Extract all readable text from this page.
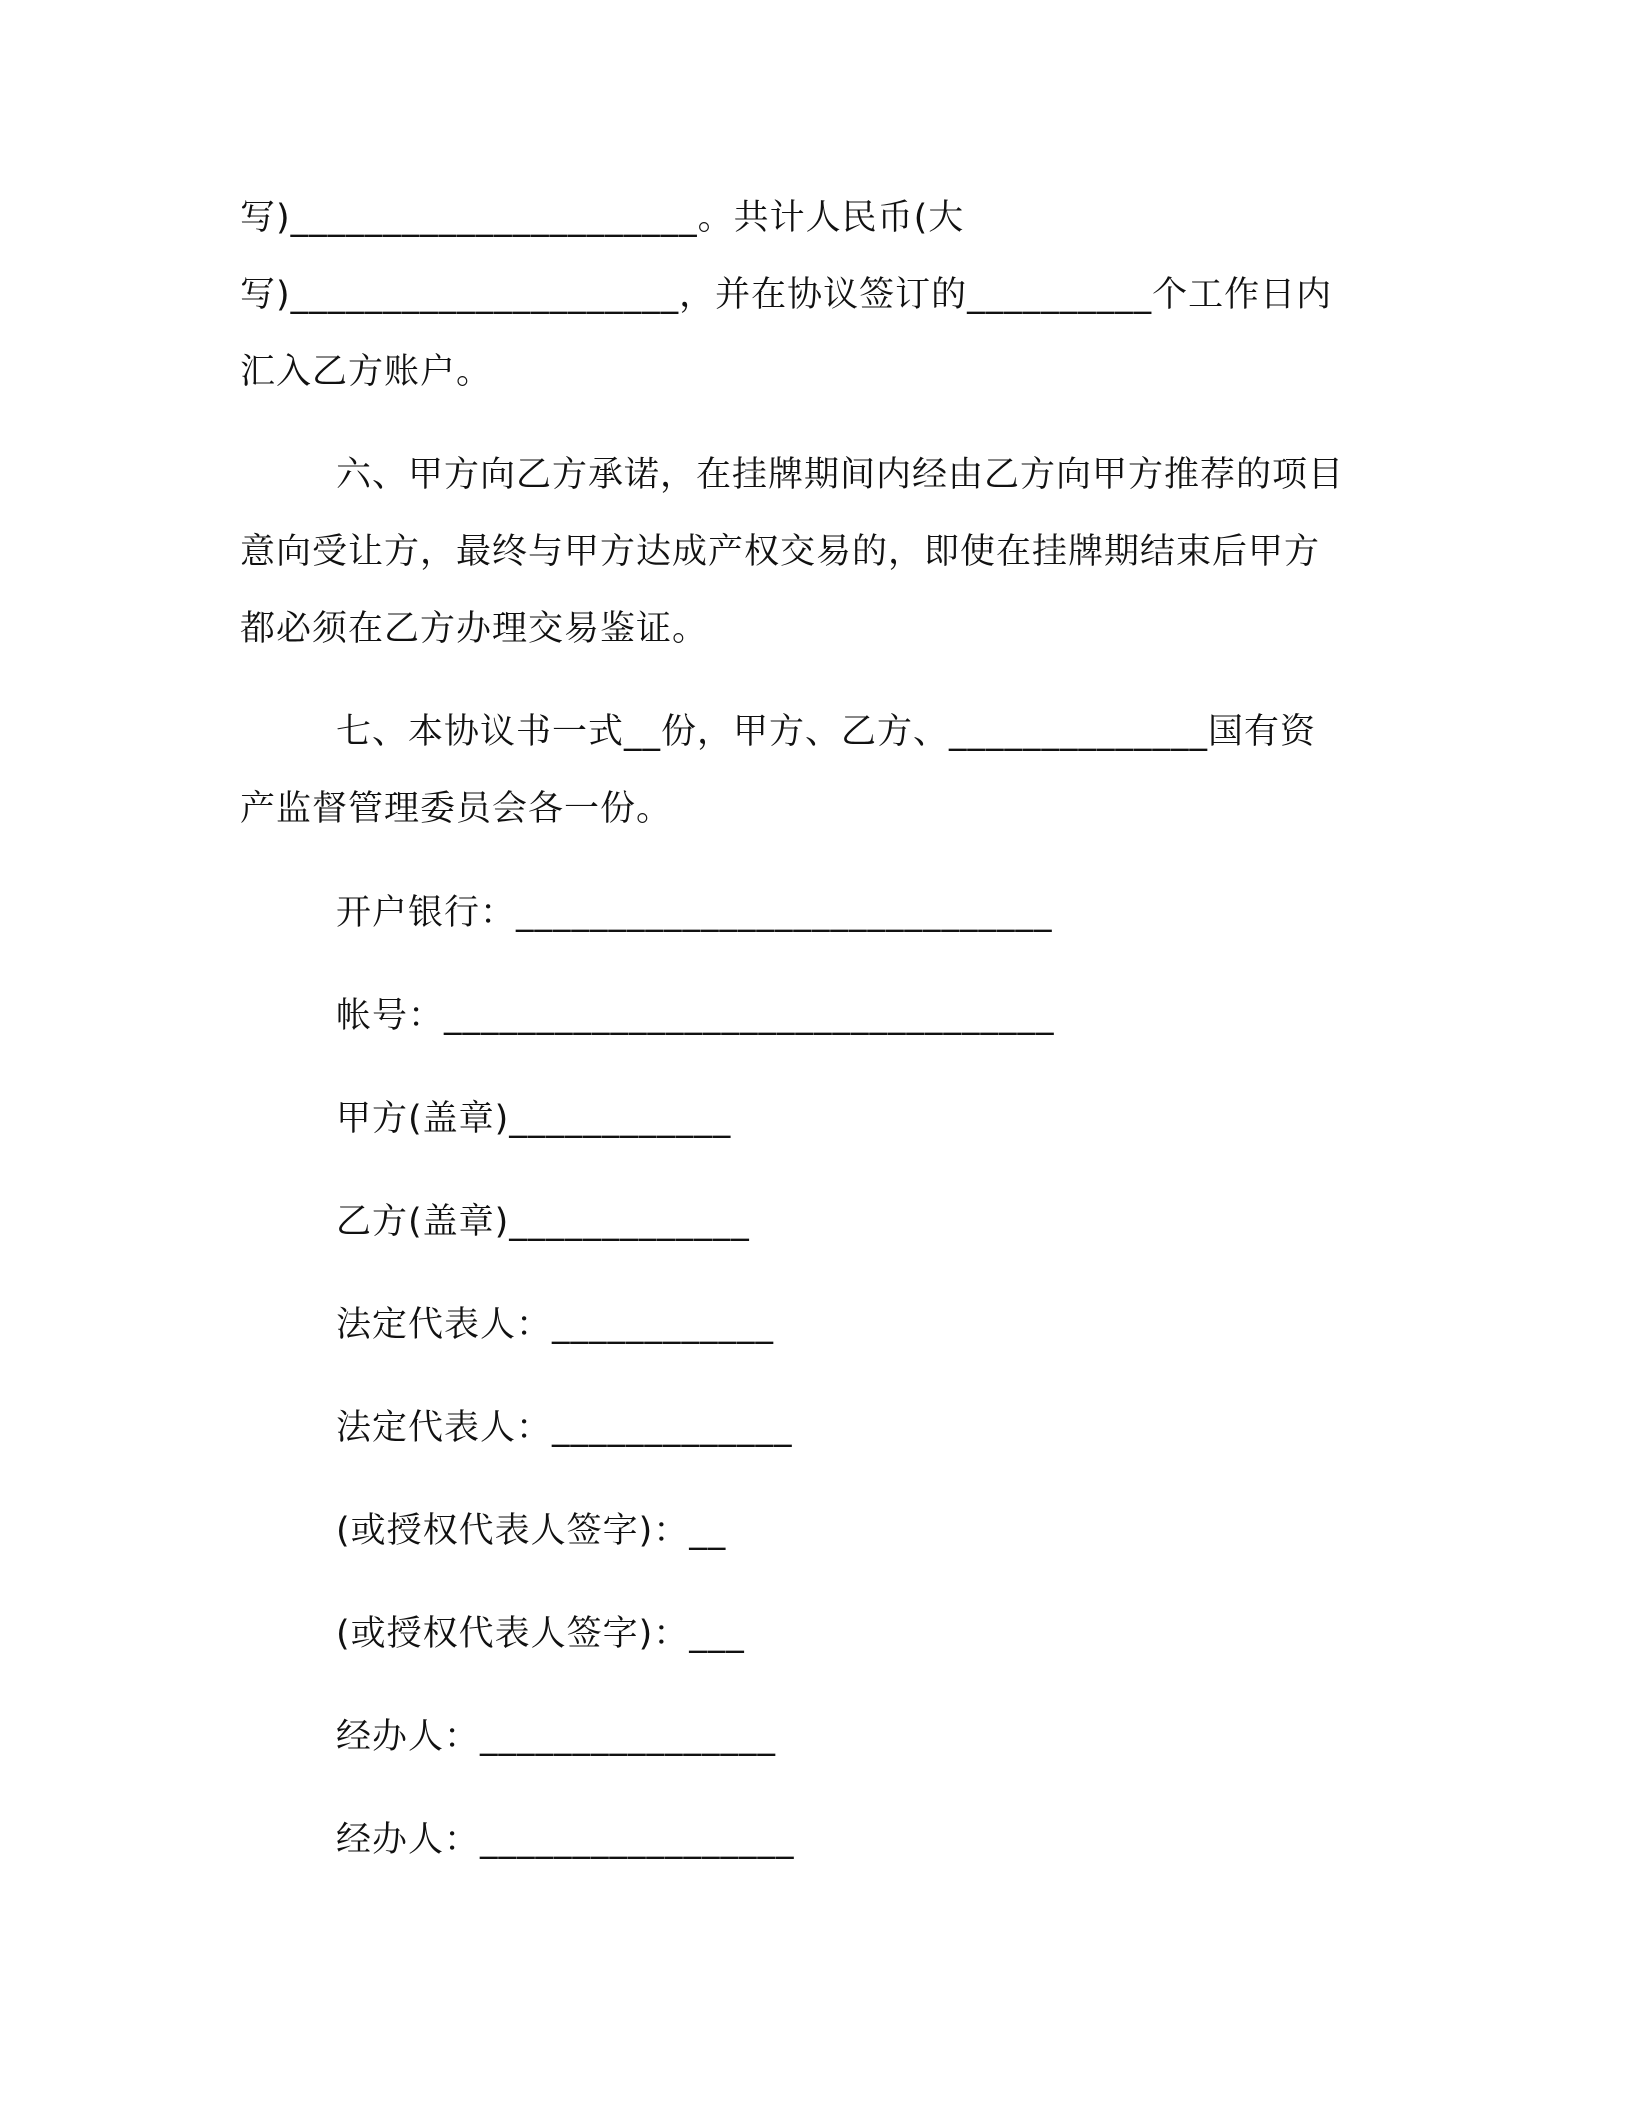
写)______________________。共计人民币(大
写)_____________________，并在协议签订的__________个工作日内
汇入乙方账户。
六、甲方向乙方承诺，在挂牌期间内经由乙方向甲方推荐的项目
意向受让方，最终与甲方达成产权交易的，即使在挂牌期结束后甲方
都必须在乙方办理交易鉴证。
七、本协议书一式__份，甲方、乙方、______________国有资
产监督管理委员会各一份。
开户银行：_____________________________
帐号：_________________________________
甲方(盖章)____________
乙方(盖章)_____________
法定代表人：____________
法定代表人：_____________
(或授权代表人签字)：__
(或授权代表人签字)：___
经办人：________________
经办人：_________________
